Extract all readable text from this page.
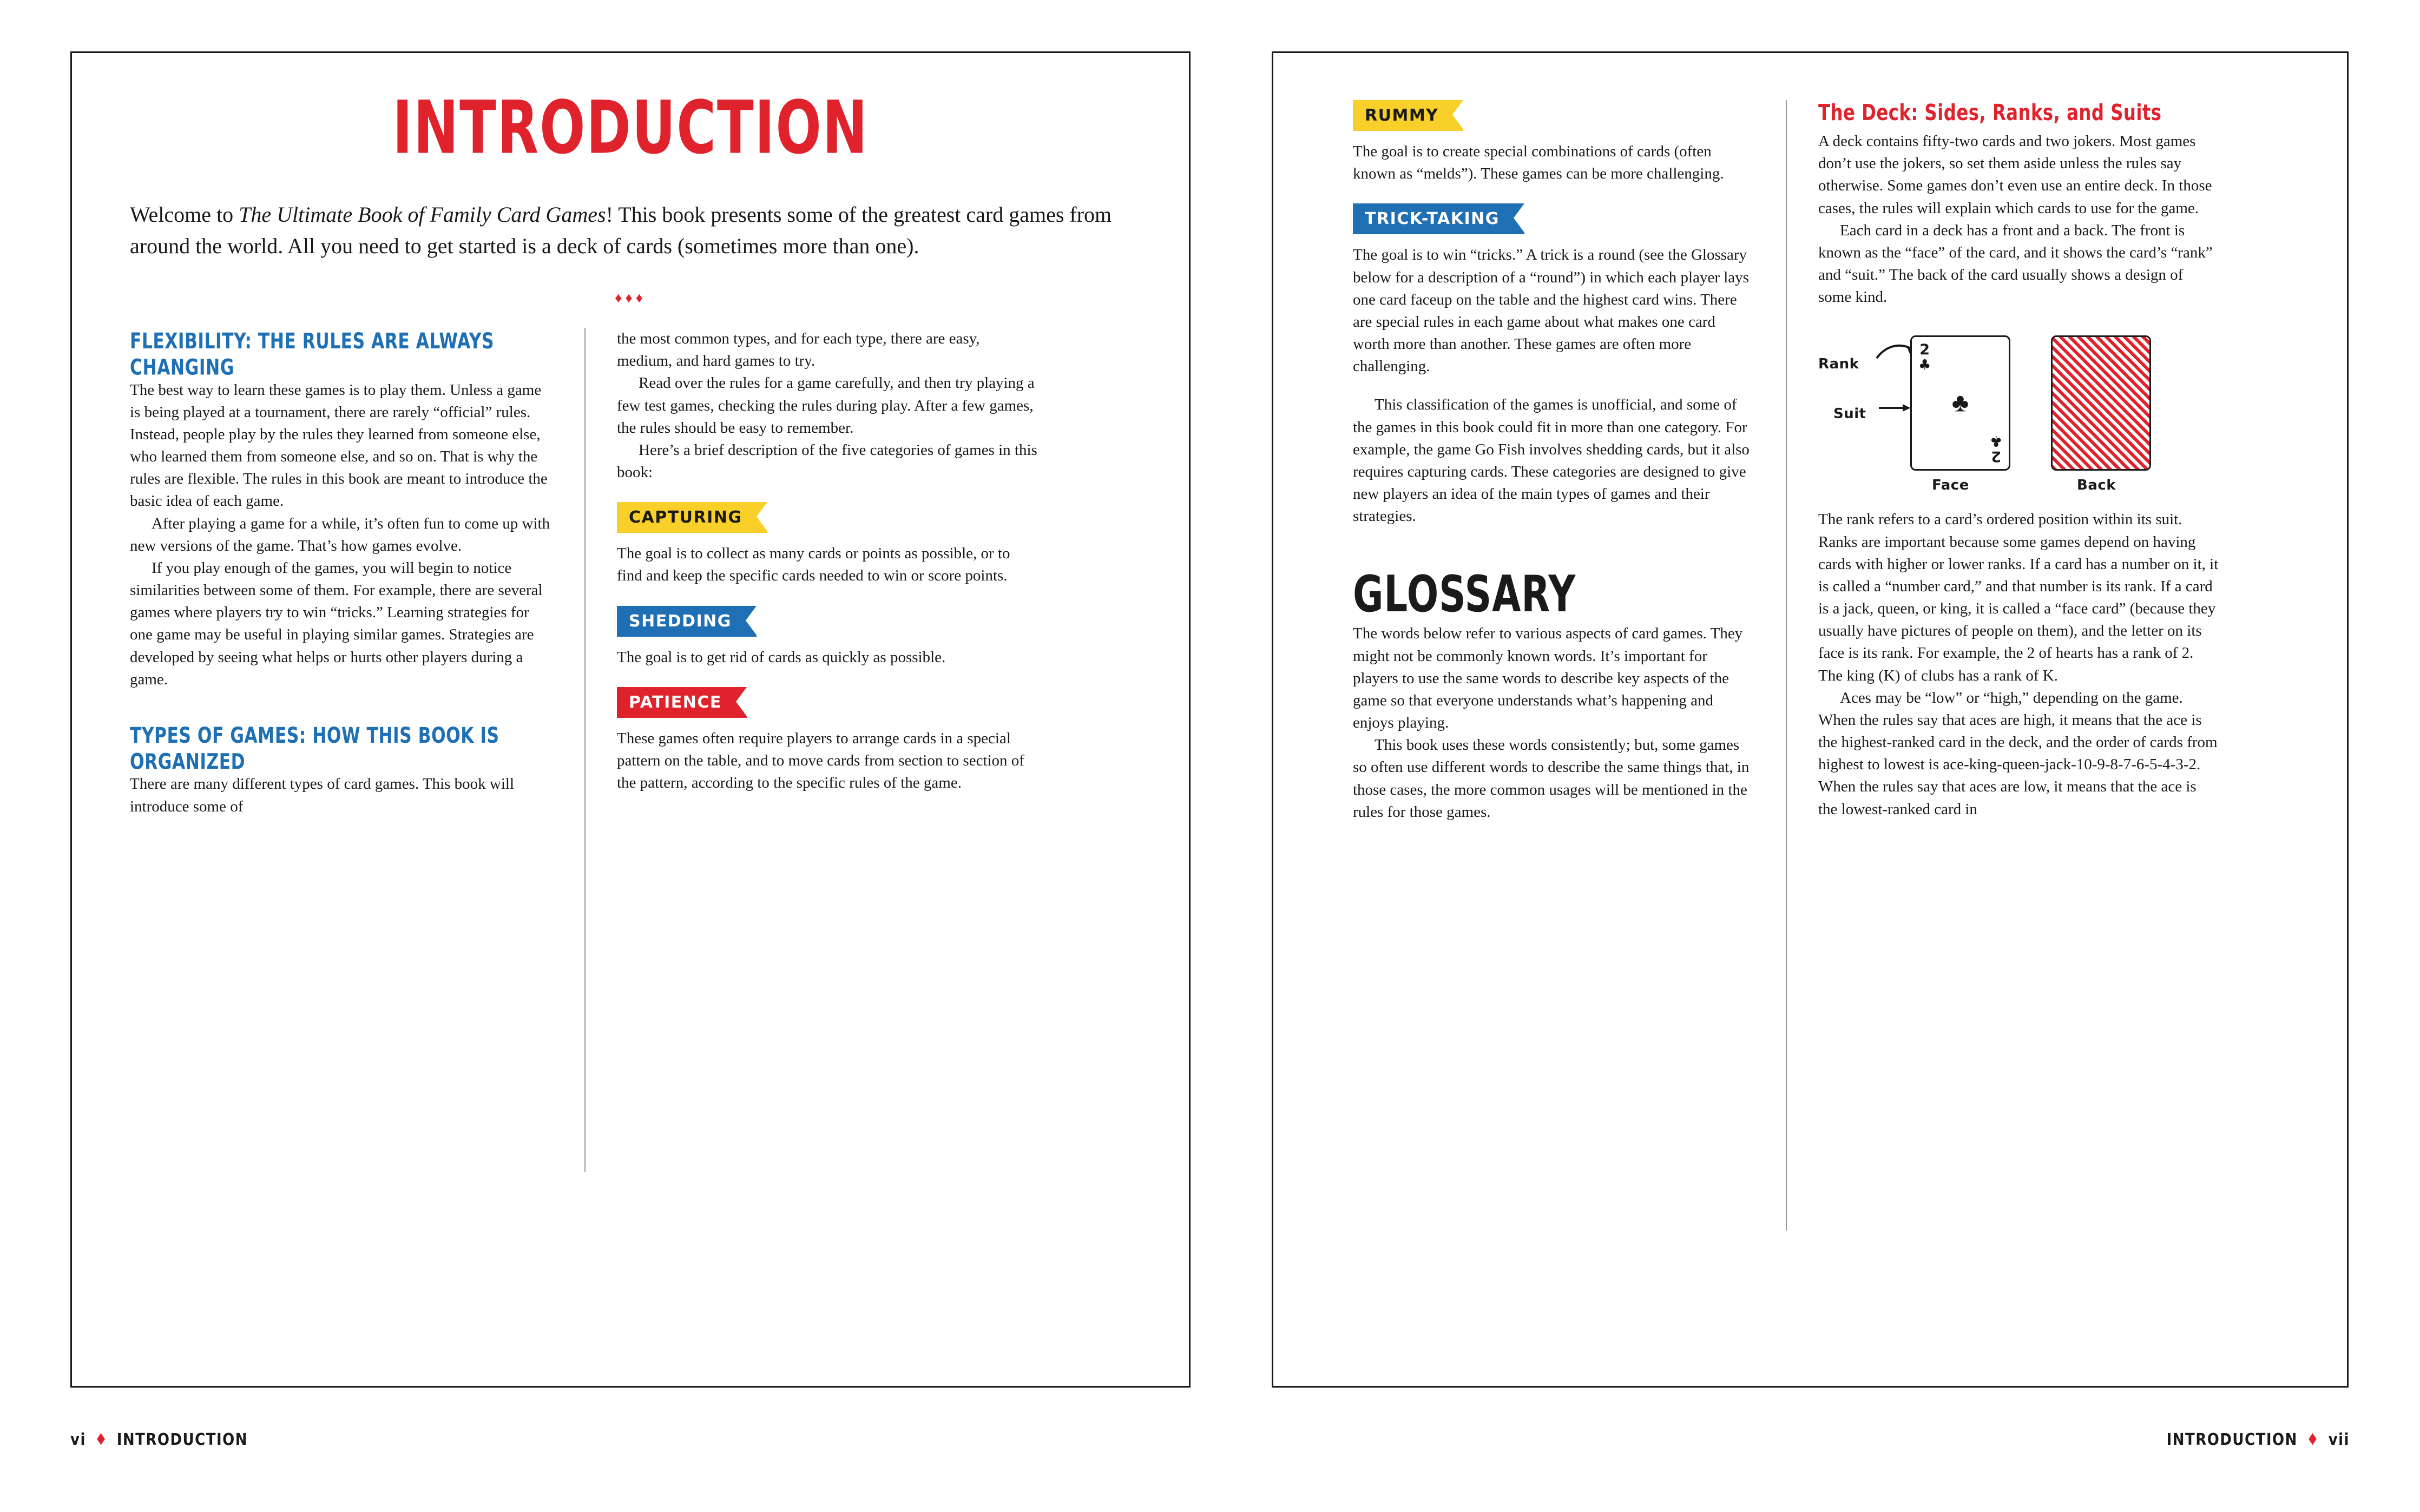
INTRODUCTION

Welcome to The Ultimate Book of Family Card Games! This book presents some of the greatest card games from around the world. All you need to get started is a deck of cards (sometimes more than one).

♦♦♦
FLEXIBILITY: THE RULES ARE ALWAYS CHANGING

The best way to learn these games is to play them. Unless a game is being played at a tournament, there are rarely “official” rules. Instead, people play by the rules they learned from someone else, who learned them from someone else, and so on. That is why the rules are flexible. The rules in this book are meant to introduce the basic idea of each game.

After playing a game for a while, it’s often fun to come up with new versions of the game. That’s how games evolve.

If you play enough of the games, you will begin to notice similarities between some of them. For example, there are several games where players try to win “tricks.” Learning strategies for one game may be useful in playing similar games. Strategies are developed by seeing what helps or hurts other players during a game.

TYPES OF GAMES: HOW THIS BOOK IS ORGANIZED

There are many different types of card games. This book will introduce some of

the most common types, and for each type, there are easy, medium, and hard games to try.

Read over the rules for a game carefully, and then try playing a few test games, checking the rules during play. After a few games, the rules should be easy to remember.

Here’s a brief description of the five categories of games in this book:

CAPTURING

The goal is to collect as many cards or points as possible, or to find and keep the specific cards needed to win or score points.

SHEDDING

The goal is to get rid of cards as quickly as possible.

PATIENCE

These games often require players to arrange cards in a special pattern on the table, and to move cards from section to section of the pattern, according to the specific rules of the game.

vi ♦ INTRODUCTION
RUMMY

The goal is to create special combinations of cards (often known as “melds”). These games can be more challenging.

TRICK-TAKING

The goal is to win “tricks.” A trick is a round (see the Glossary below for a description of a “round”) in which each player lays one card faceup on the table and the highest card wins. There are special rules in each game about what makes one card worth more than another. These games are often more challenging.

This classification of the games is unofficial, and some of the games in this book could fit in more than one category. For example, the game Go Fish involves shedding cards, but it also requires capturing cards. These categories are designed to give new players an idea of the main types of games and their strategies.

GLOSSARY

The words below refer to various aspects of card games. They might not be commonly known words. It’s important for players to use the same words to describe key aspects of the game so that everyone understands what’s happening and enjoys playing.

This book uses these words consistently; but, some games so often use different words to describe the same things that, in those cases, the more common usages will be mentioned in the rules for those games.

The Deck: Sides, Ranks, and Suits

A deck contains fifty-two cards and two jokers. Most games don’t use the jokers, so set them aside unless the rules say otherwise. Some games don’t even use an entire deck. In those cases, the rules will explain which cards to use for the game.

Each card in a deck has a front and a back. The front is known as the “face” of the card, and it shows the card’s “rank” and “suit.” The back of the card usually shows a design of some kind.

Rank
Suit
2
♣
♣
2
♣
Face	Back

The rank refers to a card’s ordered position within its suit. Ranks are important because some games depend on having cards with higher or lower ranks. If a card has a number on it, it is called a “number card,” and that number is its rank. If a card is a jack, queen, or king, it is called a “face card” (because they usually have pictures of people on them), and the letter on its face is its rank. For example, the 2 of hearts has a rank of 2. The king (K) of clubs has a rank of K.

Aces may be “low” or “high,” depending on the game. When the rules say that aces are high, it means that the ace is the highest-ranked card in the deck, and the order of cards from highest to lowest is ace-king-queen-jack-10-9-8-7-6-5-4-3-2. When the rules say that aces are low, it means that the ace is the lowest-ranked card in

INTRODUCTION ♦ vii
